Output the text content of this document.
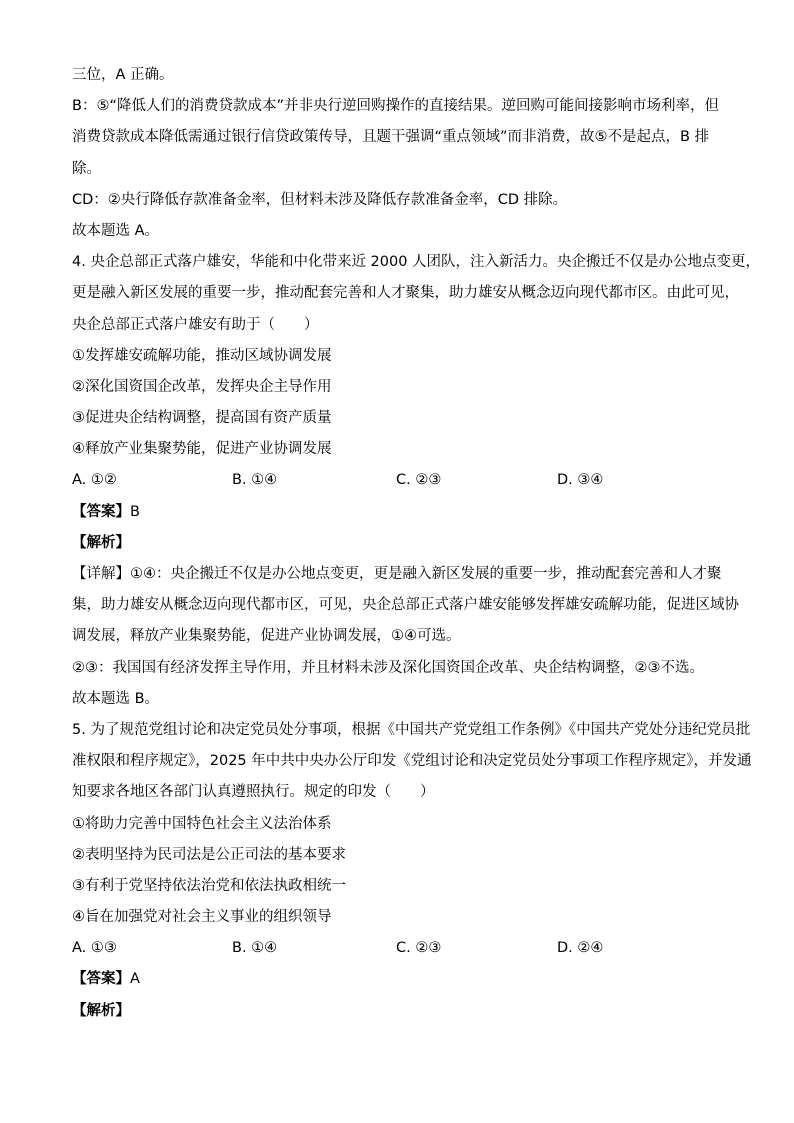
三位，A 正确。
B：⑤“降低人们的消费贷款成本”并非央行逆回购操作的直接结果。逆回购可能间接影响市场利率，但
消费贷款成本降低需通过银行信贷政策传导，且题干强调“重点领域”而非消费，故⑤不是起点，B 排
除。
CD：②央行降低存款准备金率，但材料未涉及降低存款准备金率，CD 排除。
故本题选 A。
4. 央企总部正式落户雄安，华能和中化带来近 2000 人团队，注入新活力。央企搬迁不仅是办公地点变更，
更是融入新区发展的重要一步，推动配套完善和人才聚集，助力雄安从概念迈向现代都市区。由此可见，
央企总部正式落户雄安有助于（　　）
①发挥雄安疏解功能，推动区域协调发展
②深化国资国企改革，发挥央企主导作用
③促进央企结构调整，提高国有资产质量
④释放产业集聚势能，促进产业协调发展
A. ①②	B. ①④	C. ②③	D. ③④
【答案】B
【解析】
【详解】①④：央企搬迁不仅是办公地点变更，更是融入新区发展的重要一步，推动配套完善和人才聚
集，助力雄安从概念迈向现代都市区，可见，央企总部正式落户雄安能够发挥雄安疏解功能，促进区域协
调发展，释放产业集聚势能，促进产业协调发展，①④可选。
②③：我国国有经济发挥主导作用，并且材料未涉及深化国资国企改革、央企结构调整，②③不选。
故本题选 B。
5. 为了规范党组讨论和决定党员处分事项，根据《中国共产党党组工作条例》《中国共产党处分违纪党员批
准权限和程序规定》，2025 年中共中央办公厅印发《党组讨论和决定党员处分事项工作程序规定》，并发通
知要求各地区各部门认真遵照执行。规定的印发（　　）
①将助力完善中国特色社会主义法治体系
②表明坚持为民司法是公正司法的基本要求
③有利于党坚持依法治党和依法执政相统一
④旨在加强党对社会主义事业的组织领导
A. ①③	B. ①④	C. ②③	D. ②④
【答案】A
【解析】
